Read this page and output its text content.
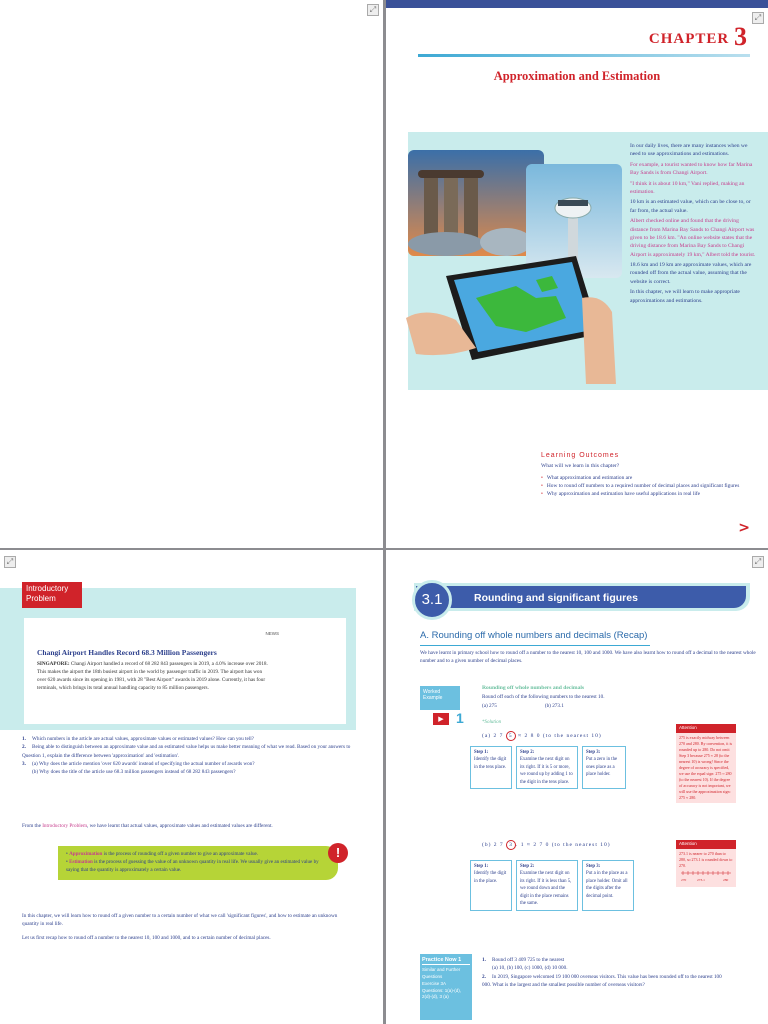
⤢
⤢
CHAPTER 3
Approximation and Estimation

In our daily lives, there are many instances when we need to use approximations and estimations.

For example, a tourist wanted to know how far Marina Bay Sands is from Changi Airport.

"I think it is about 10 km," Vani replied, making an estimation.

10 km is an estimated value, which can be close to, or far from, the actual value.

Albert checked online and found that the driving distance from Marina Bay Sands to Changi Airport was given to be 18.6 km. "An online website states that the driving distance from Marina Bay Sands to Changi Airport is approximately 19 km," Albert told the tourist.

18.6 km and 19 km are approximate values, which are rounded off from the actual value, assuming that the website is correct.

In this chapter, we will learn to make appropriate approximations and estimations.

Learning Outcomes
What will we learn in this chapter?
• What approximation and estimation are
• How to round off numbers to a required number of decimal places and significant figures
• Why approximation and estimation have useful applications in real life
>
⤢
Introductory Problem
NEWS
Changi Airport Handles Record 68.3 Million Passengers
SINGAPORE: Changi Airport handled a record of 68 282 843 passengers in 2019, a 4.0% increase over 2018. This makes the airport the 18th busiest airport in the world by passenger traffic in 2019. The airport has won over 620 awards since its opening in 1981, with 28 "Best Airport" awards in 2019 alone. Currently, it has four terminals, which brings its total annual handling capacity to 85 million passengers.
1. Which numbers in the article are actual values, approximate values or estimated values? How can you tell?
2. Being able to distinguish between an approximate value and an estimated value helps us make better meaning of what we read. Based on your answers to Question 1, explain the difference between 'approximation' and 'estimation'.
3. (a) Why does the article mention 'over 620 awards' instead of specifying the actual number of awards won?
(b) Why does the title of the article use 68.3 million passengers instead of 68 282 843 passengers?
From the Introductory Problem, we have learnt that actual values, approximate values and estimated values are different.
• Approximation is the process of rounding off a given number to give an approximate value.
• Estimation is the process of guessing the value of an unknown quantity in real life. We usually give an estimated value by saying that the quantity is approximately a certain value.
!
In this chapter, we will learn how to round off a given number to a certain number of what we call 'significant figures', and how to estimate an unknown quantity in real life.
Let us first recap how to round off a number to the nearest 10, 100 and 1000, and to a certain number of decimal places.
⤢
3.1	Rounding and significant figures
A. Rounding off whole numbers and decimals (Recap)
We have learnt in primary school how to round off a number to the nearest 10, 100 and 1000. We have also learnt how to round off a decimal to the nearest whole number and to a given number of decimal places.
Worked Example
▶ 1
Rounding off whole numbers and decimals
Round off each of the following numbers to the nearest 10.
(a) 275	(b) 273.1
*Solution
(a) 2 7 5 ≈ 2 8 0 (to the nearest 10)
Step 1:
Identify the digit in the tens place.
Step 2:
Examine the next digit on its right. If it is 5 or more, we round up by adding 1 to the digit in the tens place.
Step 3:
Put a zero in the ones place as a place holder.
(b) 2 7 3 . 1 ≈ 2 7 0 (to the nearest 10)
Step 1:
Identify the digit in the place.
Step 2:
Examine the next digit on its right. If it is less than 5, we round down and the digit in the place remains the same.
Step 3:
Put a in the place as a place holder. Omit all the digits after the decimal point.
Attention
275 is exactly midway between 270 and 280. By convention, it is rounded up to 280. Do not omit Step 3 because 275 ≈ 28 (to the nearest 10) is wrong! Since the degree of accuracy is specified, we use the equal sign: 275 ≈ 280 (to the nearest 10). If the degree of accuracy is not important, we will use the approximation sign: 275 ≈ 280.
Attention
273.1 is nearer to 270 than to 280, so 273.1 is rounded down to 270.
270	273.1	280
Practice Now 1
Similar and Further Questions
Exercise 3A
Questions: 1(a)-(d), 2(d)-(d), 3 (a)
1. Round off 3 409 725 to the nearest
(a) 10, (b) 100, (c) 1000, (d) 10 000.
2. In 2019, Singapore welcomed 19 100 000 overseas visitors. This value has been rounded off to the nearest 100 000. What is the largest and the smallest possible number of overseas visitors?
